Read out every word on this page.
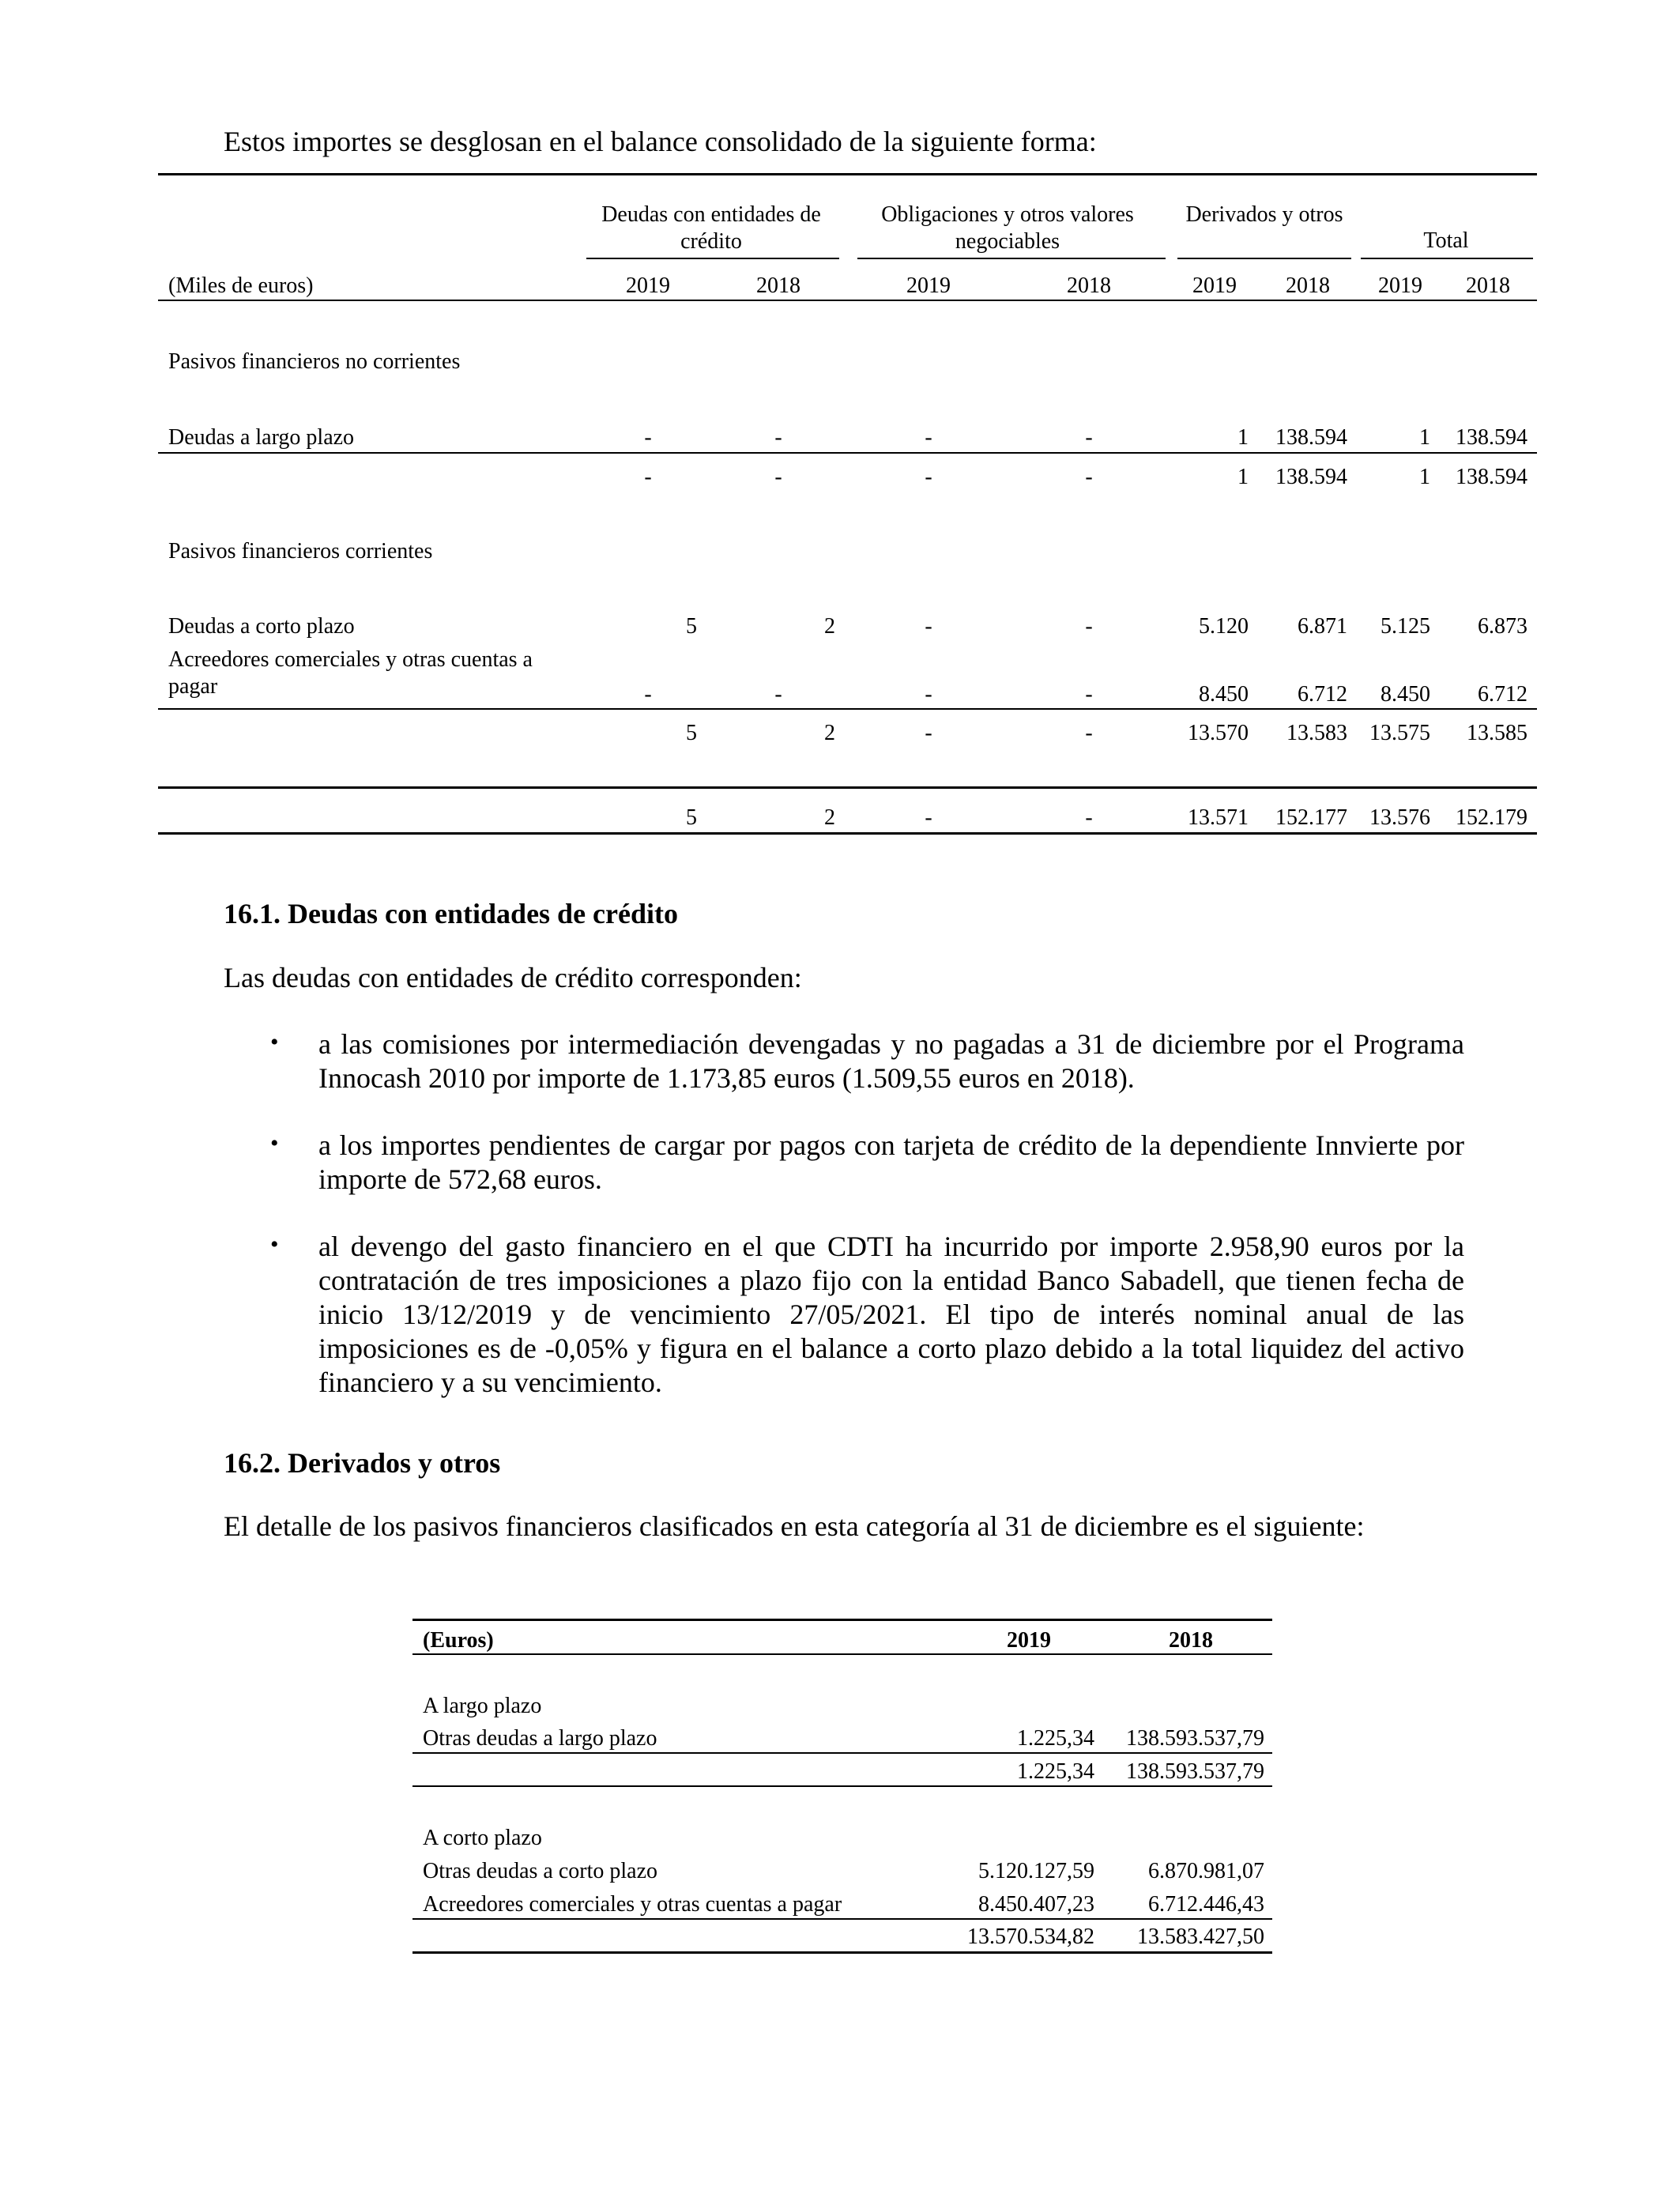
Estos importes se desglosan en el balance consolidado de la siguiente forma:
Deudas con entidades de crédito
Obligaciones y otros valores negociables
Derivados y otros
Total
(Miles de euros)	2019	2018	2019	2018	2019	2018	2019	2018
Pasivos financieros no corrientes
Deudas a largo plazo	-	-	-	-	1	138.594	1	138.594
-	-	-	-	1	138.594	1	138.594
Pasivos financieros corrientes
Deudas a corto plazo	5	2	-	-	5.120	6.871	5.125	6.873
Acreedores comerciales y otras cuentas a
pagar	-	-	-	-	8.450	6.712	8.450	6.712
5	2	-	-	13.570	13.583	13.575	13.585
5	2	-	-	13.571	152.177	13.576	152.179
16.1. Deudas con entidades de crédito
Las deudas con entidades de crédito corresponden:
• a las comisiones por intermediación devengadas y no pagadas a 31 de diciembre por el Programa Innocash 2010 por importe de 1.173,85 euros (1.509,55 euros en 2018).
• a los importes pendientes de cargar por pagos con tarjeta de crédito de la dependiente Innvierte por importe de 572,68 euros.
• al devengo del gasto financiero en el que CDTI ha incurrido por importe 2.958,90 euros por la contratación de tres imposiciones a plazo fijo con la entidad Banco Sabadell, que tienen fecha de inicio 13/12/2019 y de vencimiento 27/05/2021. El tipo de interés nominal anual de las imposiciones es de -0,05% y figura en el balance a corto plazo debido a la total liquidez del activo financiero y a su vencimiento.
16.2. Derivados y otros
El detalle de los pasivos financieros clasificados en esta categoría al 31 de diciembre es el siguiente:
(Euros)	2019	2018
A largo plazo
Otras deudas a largo plazo	1.225,34	138.593.537,79
1.225,34	138.593.537,79
A corto plazo
Otras deudas a corto plazo	5.120.127,59	6.870.981,07
Acreedores comerciales y otras cuentas a pagar	8.450.407,23	6.712.446,43
13.570.534,82	13.583.427,50
